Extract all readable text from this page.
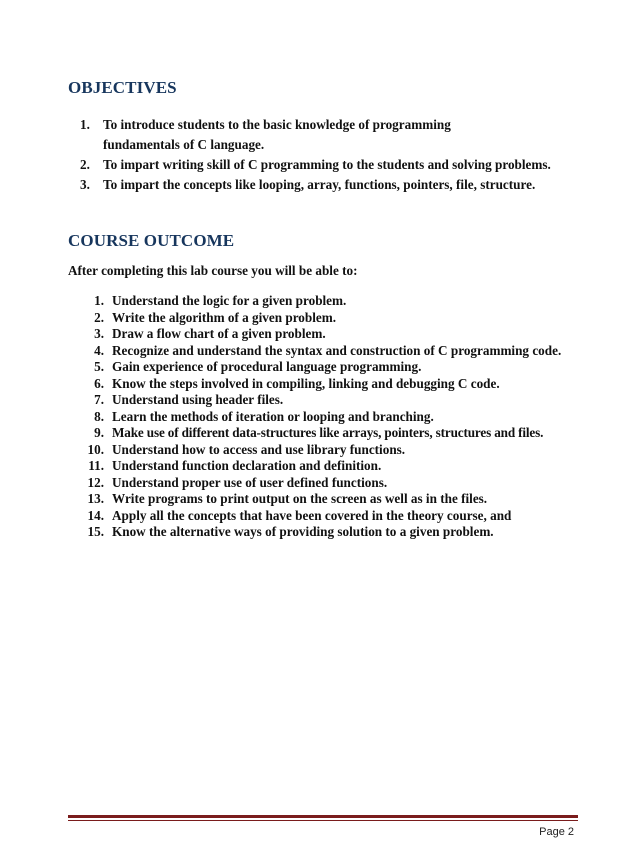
OBJECTIVES
1. To introduce students to the basic knowledge of programming fundamentals of C language.
2. To impart writing skill of C programming to the students and solving problems.
3. To impart the concepts like looping, array, functions, pointers, file, structure.
COURSE OUTCOME

After completing this lab course you will be able to:

1. Understand the logic for a given problem.
2. Write the algorithm of a given problem.
3. Draw a flow chart of a given problem.
4. Recognize and understand the syntax and construction of C programming code.
5. Gain experience of procedural language programming.
6. Know the steps involved in compiling, linking and debugging C code.
7. Understand using header files.
8. Learn the methods of iteration or looping and branching.
9. Make use of different data-structures like arrays, pointers, structures and files.
10. Understand how to access and use library functions.
11. Understand function declaration and definition.
12. Understand proper use of user defined functions.
13. Write programs to print output on the screen as well as in the files.
14. Apply all the concepts that have been covered in the theory course, and
15. Know the alternative ways of providing solution to a given problem.
Page 2
